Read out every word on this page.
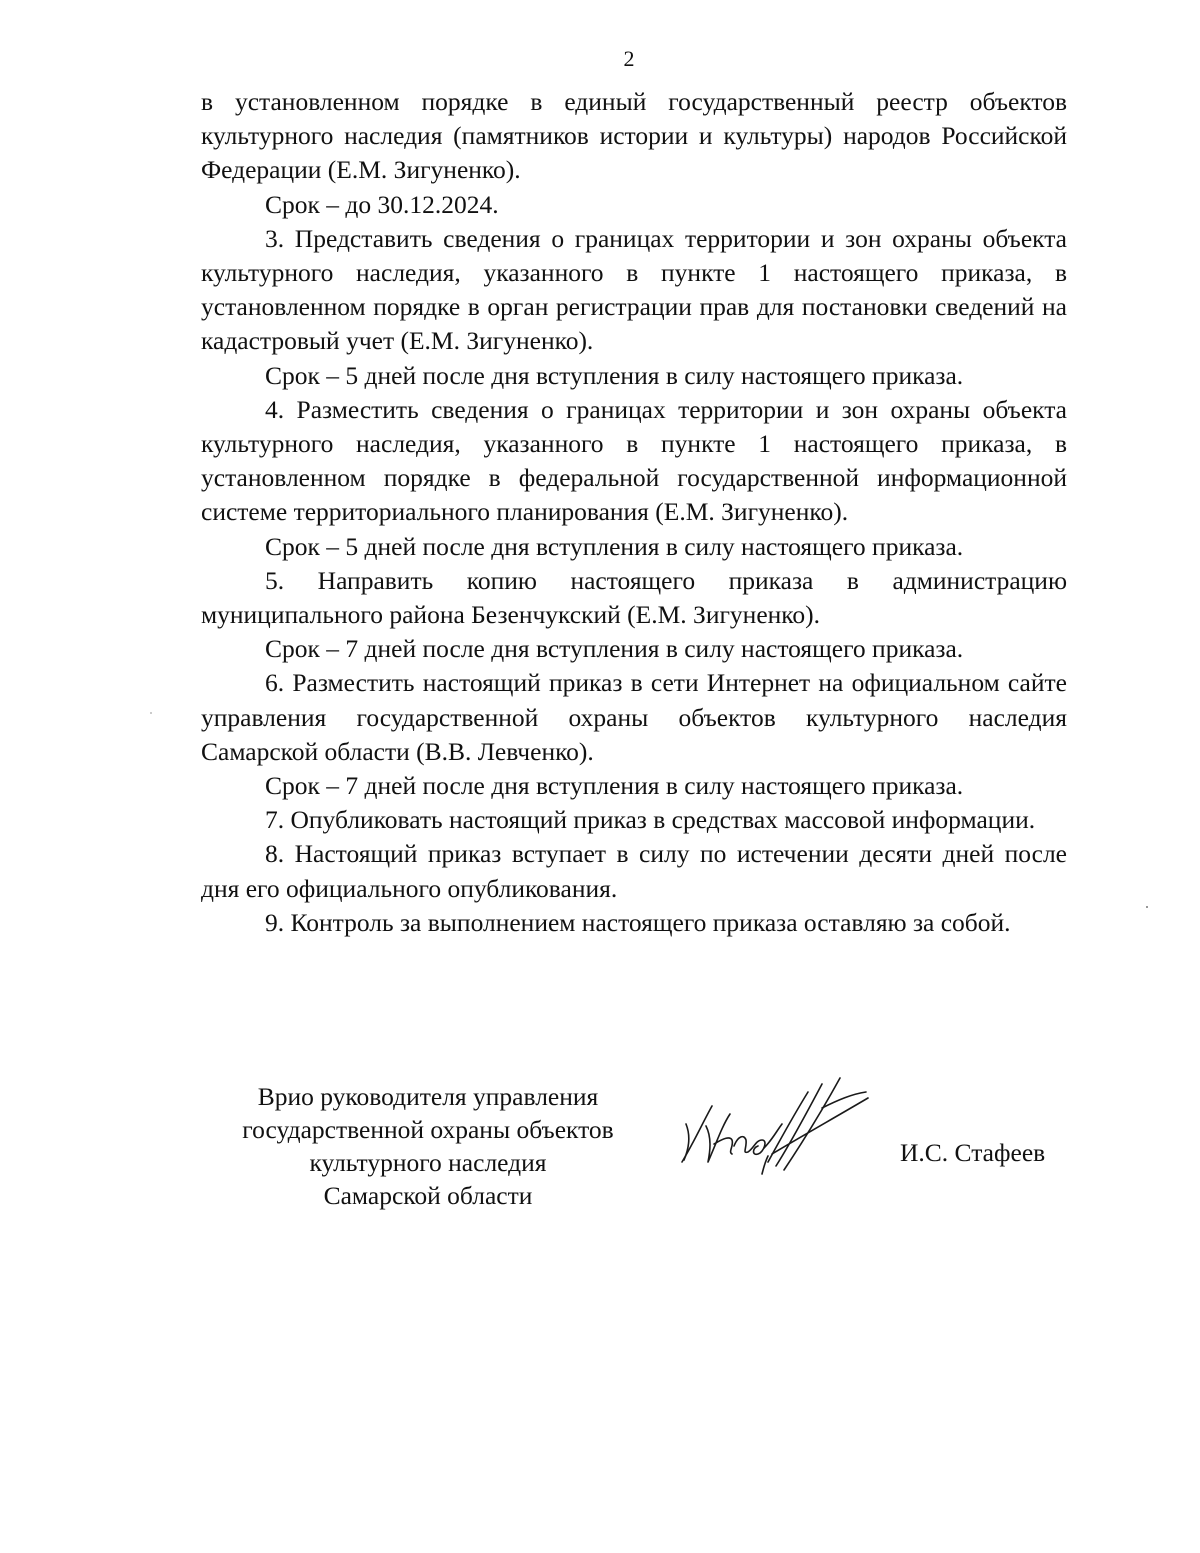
2

в установленном порядке в единый государственный реестр объектов культурного наследия (памятников истории и культуры) народов Российской Федерации (Е.М. Зигуненко).

Срок – до 30.12.2024.

3. Представить сведения о границах территории и зон охраны объекта культурного наследия, указанного в пункте 1 настоящего приказа, в установленном порядке в орган регистрации прав для постановки сведений на кадастровый учет (Е.М. Зигуненко).

Срок – 5 дней после дня вступления в силу настоящего приказа.

4. Разместить сведения о границах территории и зон охраны объекта культурного наследия, указанного в пункте 1 настоящего приказа, в установленном порядке в федеральной государственной информационной системе территориального планирования (Е.М. Зигуненко).

Срок – 5 дней после дня вступления в силу настоящего приказа.

5. Направить копию настоящего приказа в администрацию муниципального района Безенчукский (Е.М. Зигуненко).

Срок – 7 дней после дня вступления в силу настоящего приказа.

6. Разместить настоящий приказ в сети Интернет на официальном сайте управления государственной охраны объектов культурного наследия Самарской области (В.В. Левченко).

Срок – 7 дней после дня вступления в силу настоящего приказа.

7. Опубликовать настоящий приказ в средствах массовой информации.

8. Настоящий приказ вступает в силу по истечении десяти дней после дня его официального опубликования.

9. Контроль за выполнением настоящего приказа оставляю за собой.

Врио руководителя управления
государственной охраны объектов
культурного наследия
Самарской области
И.С. Стафеев
